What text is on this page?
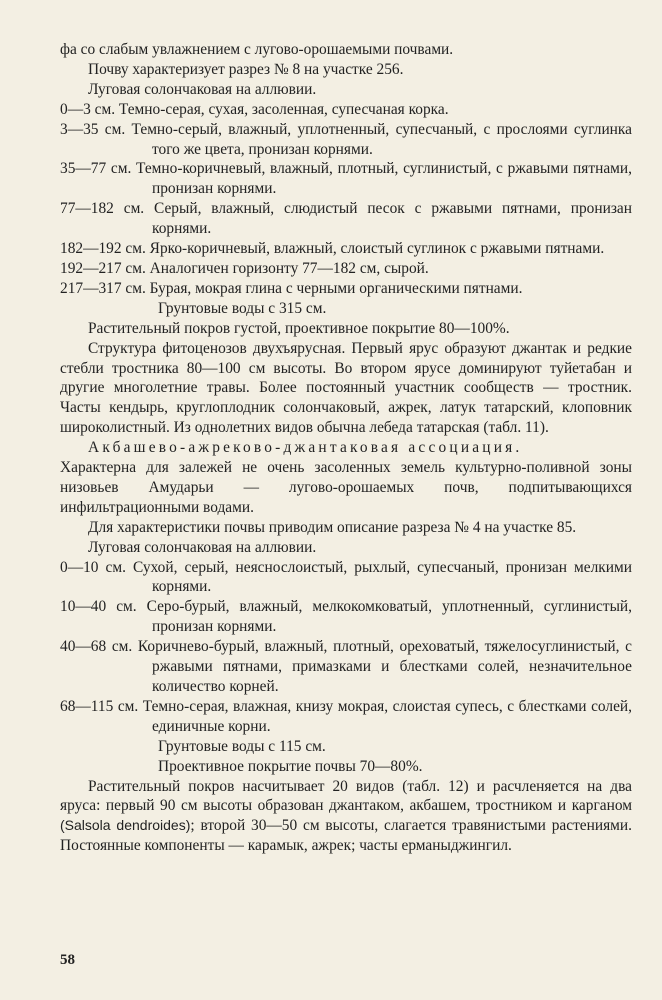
фа со слабым увлажнением с лугово-орошаемыми почвами.

Почву характеризует разрез № 8 на участке 256.

Луговая солончаковая на аллювии.

0—3 см. Темно-серая, сухая, засоленная, супесчаная корка.

3—35 см. Темно-серый, влажный, уплотненный, супесчаный, с прослоями суглинка того же цвета, пронизан корнями.

35—77 см. Темно-коричневый, влажный, плотный, суглинистый, с ржавыми пятнами, пронизан корнями.

77—182 см. Серый, влажный, слюдистый песок с ржавыми пятнами, пронизан корнями.

182—192 см. Ярко-коричневый, влажный, слоистый суглинок с ржавыми пятнами.

192—217 см. Аналогичен горизонту 77—182 см, сырой.

217—317 см. Бурая, мокрая глина с черными органическими пятнами.

Грунтовые воды с 315 см.

Растительный покров густой, проективное покрытие 80—100%.

Структура фитоценозов двухъярусная. Первый ярус образуют джантак и редкие стебли тростника 80—100 см высоты. Во втором ярусе доминируют туйетабан и другие многолетние травы. Более постоянный участник сообществ — тростник. Часты кендырь, круглоплодник солончаковый, ажрек, латук татарский, клоповник широколистный. Из однолетних видов обычна лебеда татарская (табл. 11).

Акбашево-ажреково-джантаковая ассоциация.

Характерна для залежей не очень засоленных земель культурно-поливной зоны низовьев Амударьи — лугово-орошаемых почв, подпитывающихся инфильтрационными водами.

Для характеристики почвы приводим описание разреза № 4 на участке 85.

Луговая солончаковая на аллювии.

0—10 см. Сухой, серый, неяснослоистый, рыхлый, супесчаный, пронизан мелкими корнями.

10—40 см. Серо-бурый, влажный, мелкокомковатый, уплотненный, суглинистый, пронизан корнями.

40—68 см. Коричнево-бурый, влажный, плотный, ореховатый, тяжелосуглинистый, с ржавыми пятнами, примазками и блестками солей, незначительное количество корней.

68—115 см. Темно-серая, влажная, книзу мокрая, слоистая супесь, с блестками солей, единичные корни.

Грунтовые воды с 115 см.

Проективное покрытие почвы 70—80%.

Растительный покров насчитывает 20 видов (табл. 12) и расчленяется на два яруса: первый 90 см высоты образован джантаком, акбашем, тростником и карганом (Salsola dendroides); второй 30—50 см высоты, слагается травянистыми растениями. Постоянные компоненты — карамык, ажрек; часты ерманыджингил.

58
